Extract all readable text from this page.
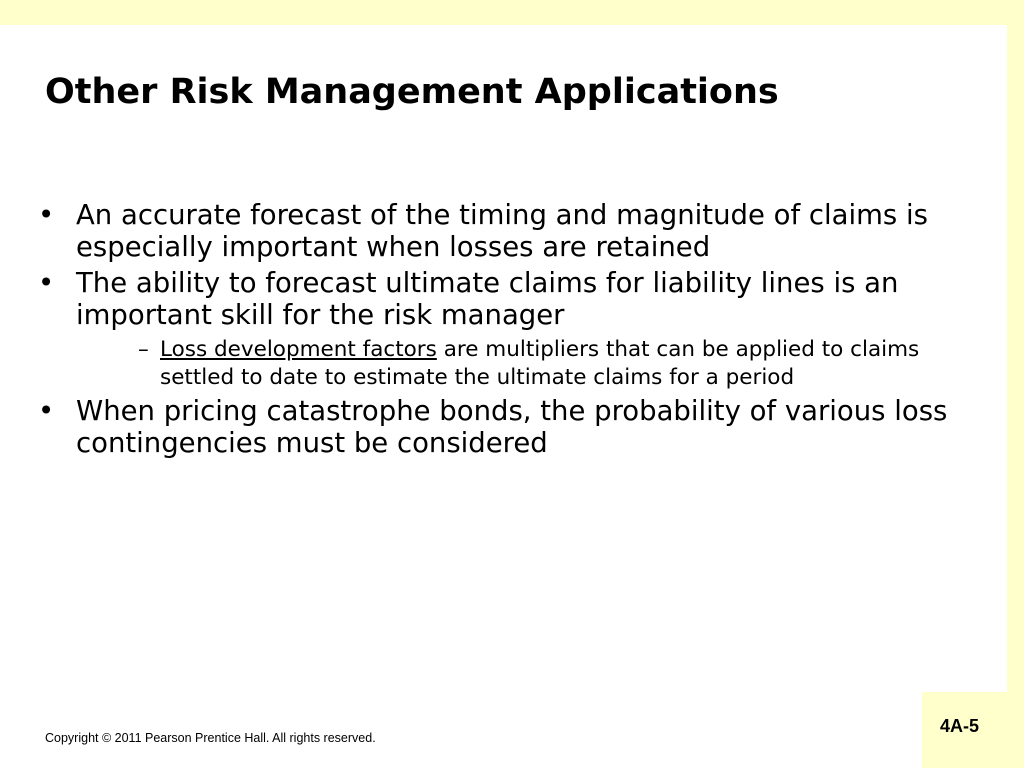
Other Risk Management Applications
• An accurate forecast of the timing and magnitude of claims is especially important when losses are retained
• The ability to forecast ultimate claims for liability lines is an important skill for the risk manager
– Loss development factors are multipliers that can be applied to claims settled to date to estimate the ultimate claims for a period
• When pricing catastrophe bonds, the probability of various loss contingencies must be considered
Copyright © 2011 Pearson Prentice Hall. All rights reserved.
4A-5
